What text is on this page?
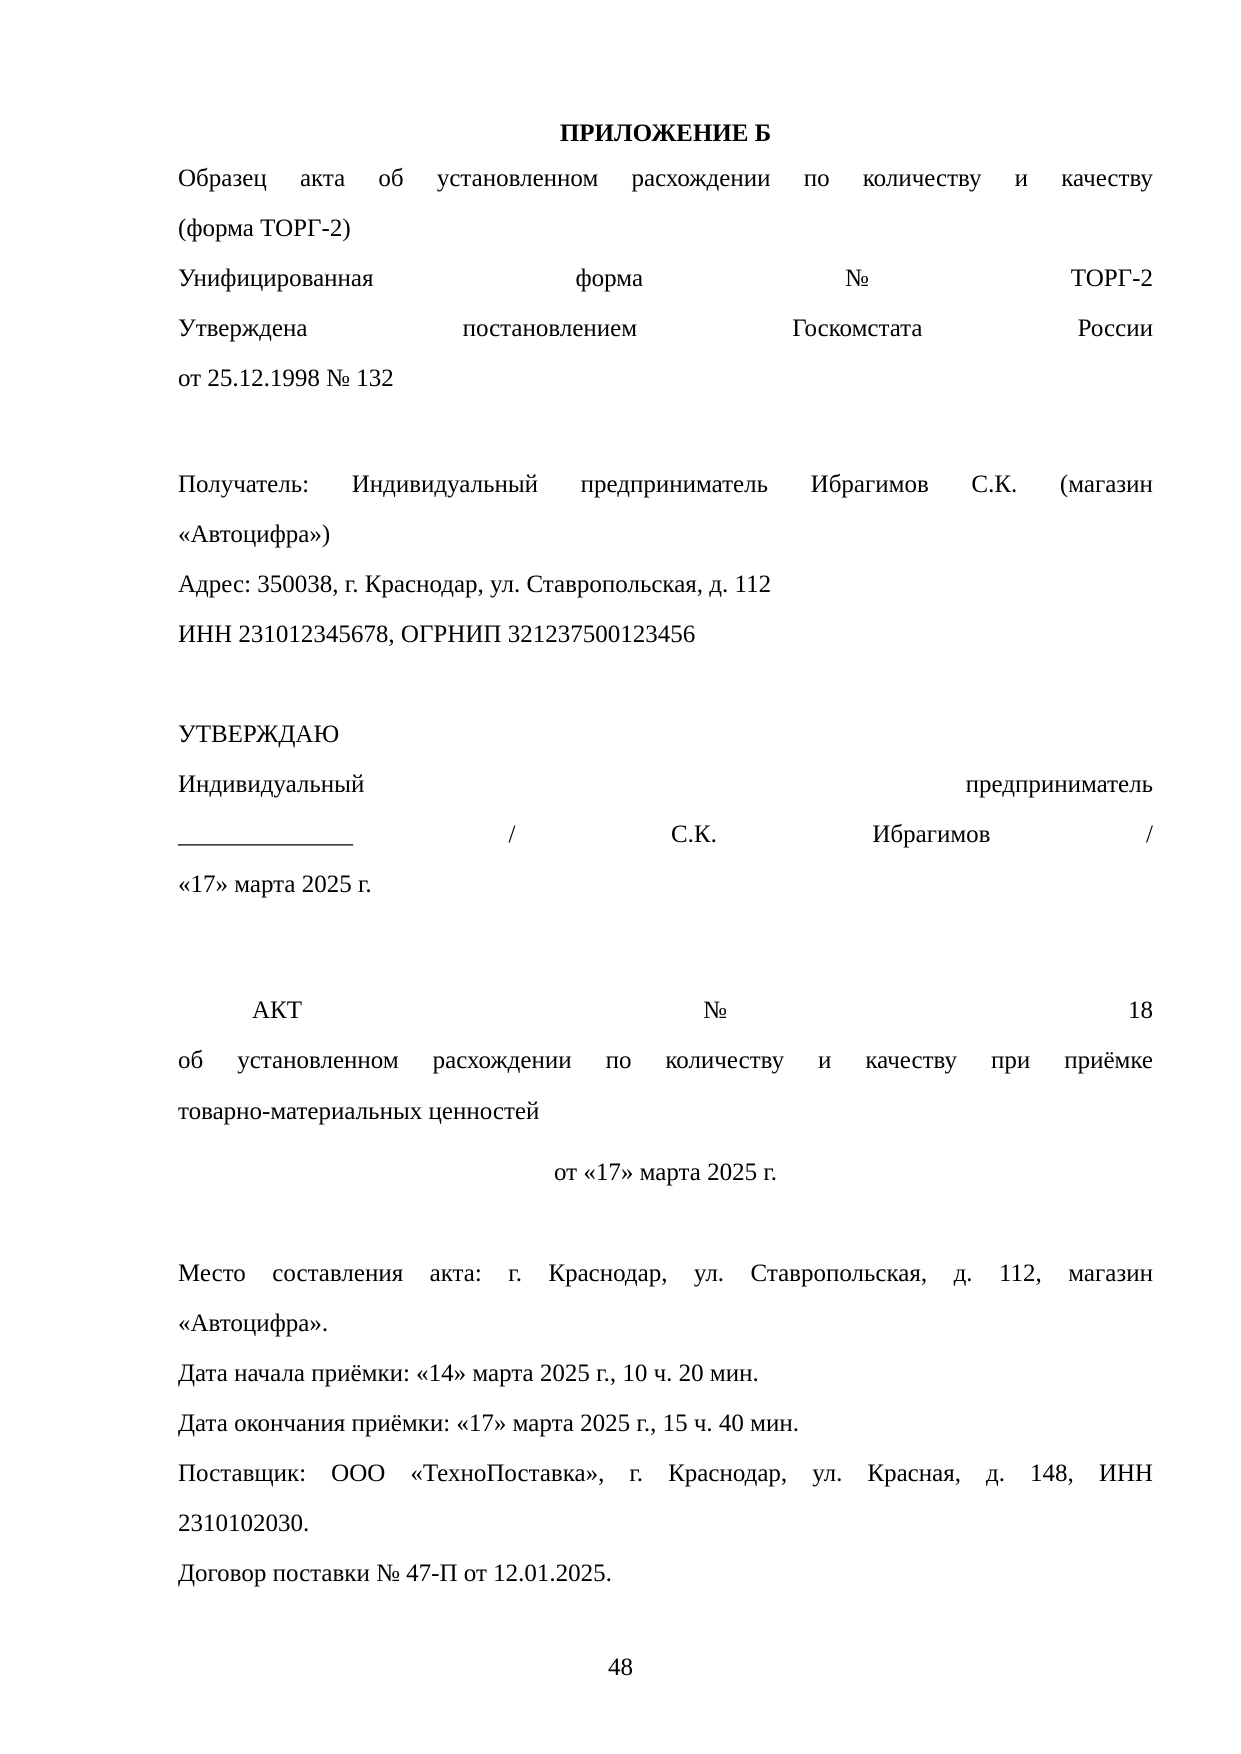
ПРИЛОЖЕНИЕ Б
Образец акта об установленном расхождении по количеству и качеству
(форма ТОРГ-2)
Унифицированная	форма	№	ТОРГ-2
Утверждена	постановлением	Госкомстата	России
от 25.12.1998 № 132
Получатель: Индивидуальный предприниматель Ибрагимов С.К. (магазин
«Автоцифра»)
Адрес: 350038, г. Краснодар, ул. Ставропольская, д. 112
ИНН 231012345678, ОГРНИП 321237500123456
УТВЕРЖДАЮ
Индивидуальный	предприниматель
______________	/	С.К.	Ибрагимов	/
«17» марта 2025 г.
АКТ	№	18
об установленном расхождении по количеству и качеству при приёмке
товарно-материальных ценностей
от «17» марта 2025 г.
Место составления акта: г. Краснодар, ул. Ставропольская, д. 112, магазин
«Автоцифра».
Дата начала приёмки: «14» марта 2025 г., 10 ч. 20 мин.
Дата окончания приёмки: «17» марта 2025 г., 15 ч. 40 мин.
Поставщик: ООО «ТехноПоставка», г. Краснодар, ул. Красная, д. 148, ИНН
2310102030.
Договор поставки № 47-П от 12.01.2025.
48
